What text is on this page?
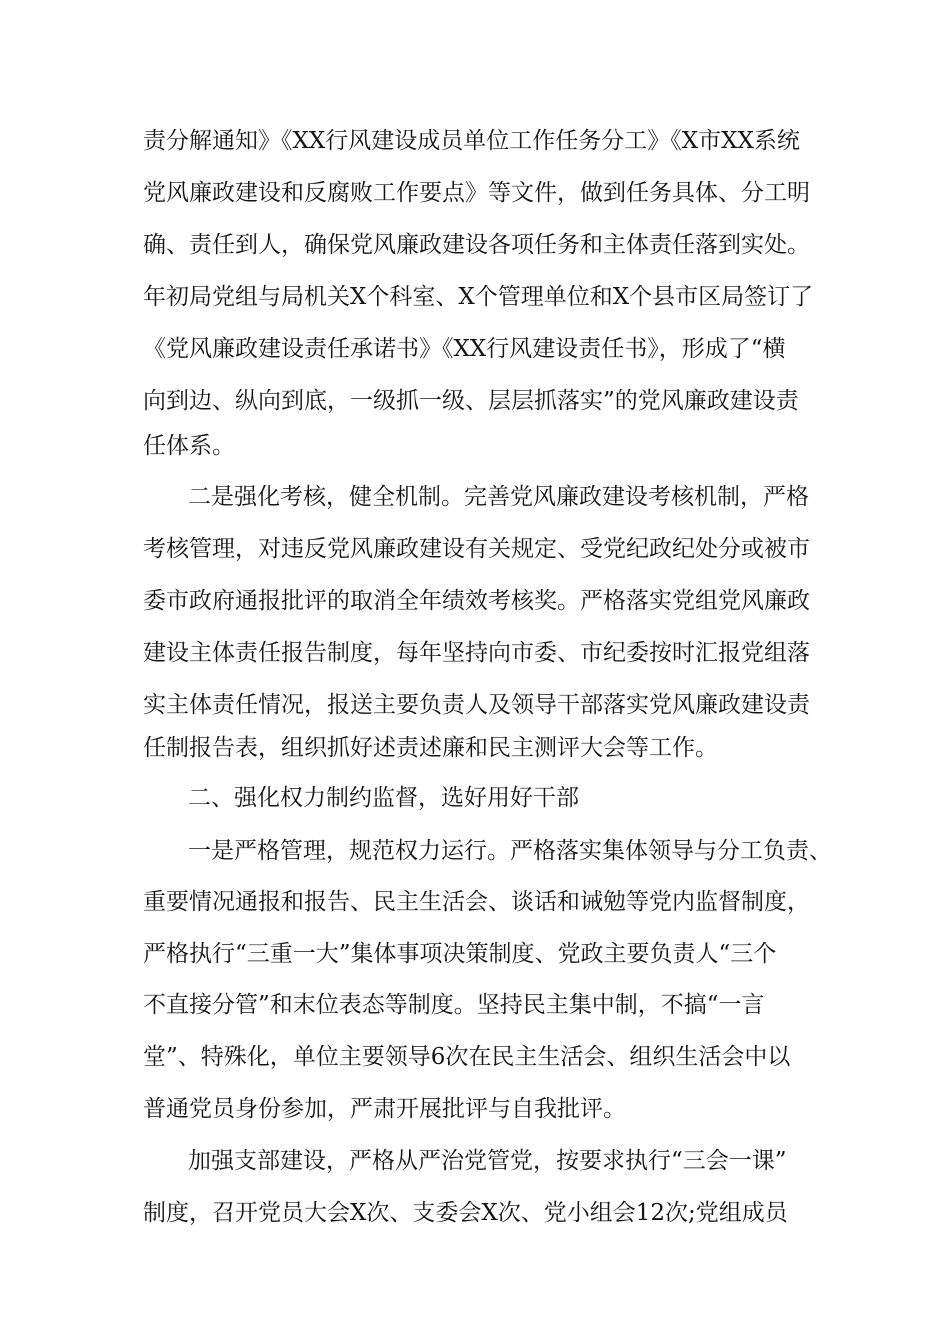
责分解通知》《XX行风建设成员单位工作任务分工》《X市XX系统
党风廉政建设和反腐败工作要点》等文件，做到任务具体、分工明
确、责任到人，确保党风廉政建设各项任务和主体责任落到实处。
年初局党组与局机关X个科室、X个管理单位和X个县市区局签订了
《党风廉政建设责任承诺书》《XX行风建设责任书》，形成了“横
向到边、纵向到底，一级抓一级、层层抓落实”的党风廉政建设责
任体系。
二是强化考核，健全机制。完善党风廉政建设考核机制，严格
考核管理，对违反党风廉政建设有关规定、受党纪政纪处分或被市
委市政府通报批评的取消全年绩效考核奖。严格落实党组党风廉政
建设主体责任报告制度，每年坚持向市委、市纪委按时汇报党组落
实主体责任情况，报送主要负责人及领导干部落实党风廉政建设责
任制报告表，组织抓好述责述廉和民主测评大会等工作。
二、强化权力制约监督，选好用好干部
一是严格管理，规范权力运行。严格落实集体领导与分工负责、
重要情况通报和报告、民主生活会、谈话和诫勉等党内监督制度，
严格执行“三重一大”集体事项决策制度、党政主要负责人“三个
不直接分管”和末位表态等制度。坚持民主集中制，不搞“一言
堂”、特殊化，单位主要领导6次在民主生活会、组织生活会中以
普通党员身份参加，严肃开展批评与自我批评。
加强支部建设，严格从严治党管党，按要求执行“三会一课”
制度，召开党员大会X次、支委会X次、党小组会12次;党组成员
